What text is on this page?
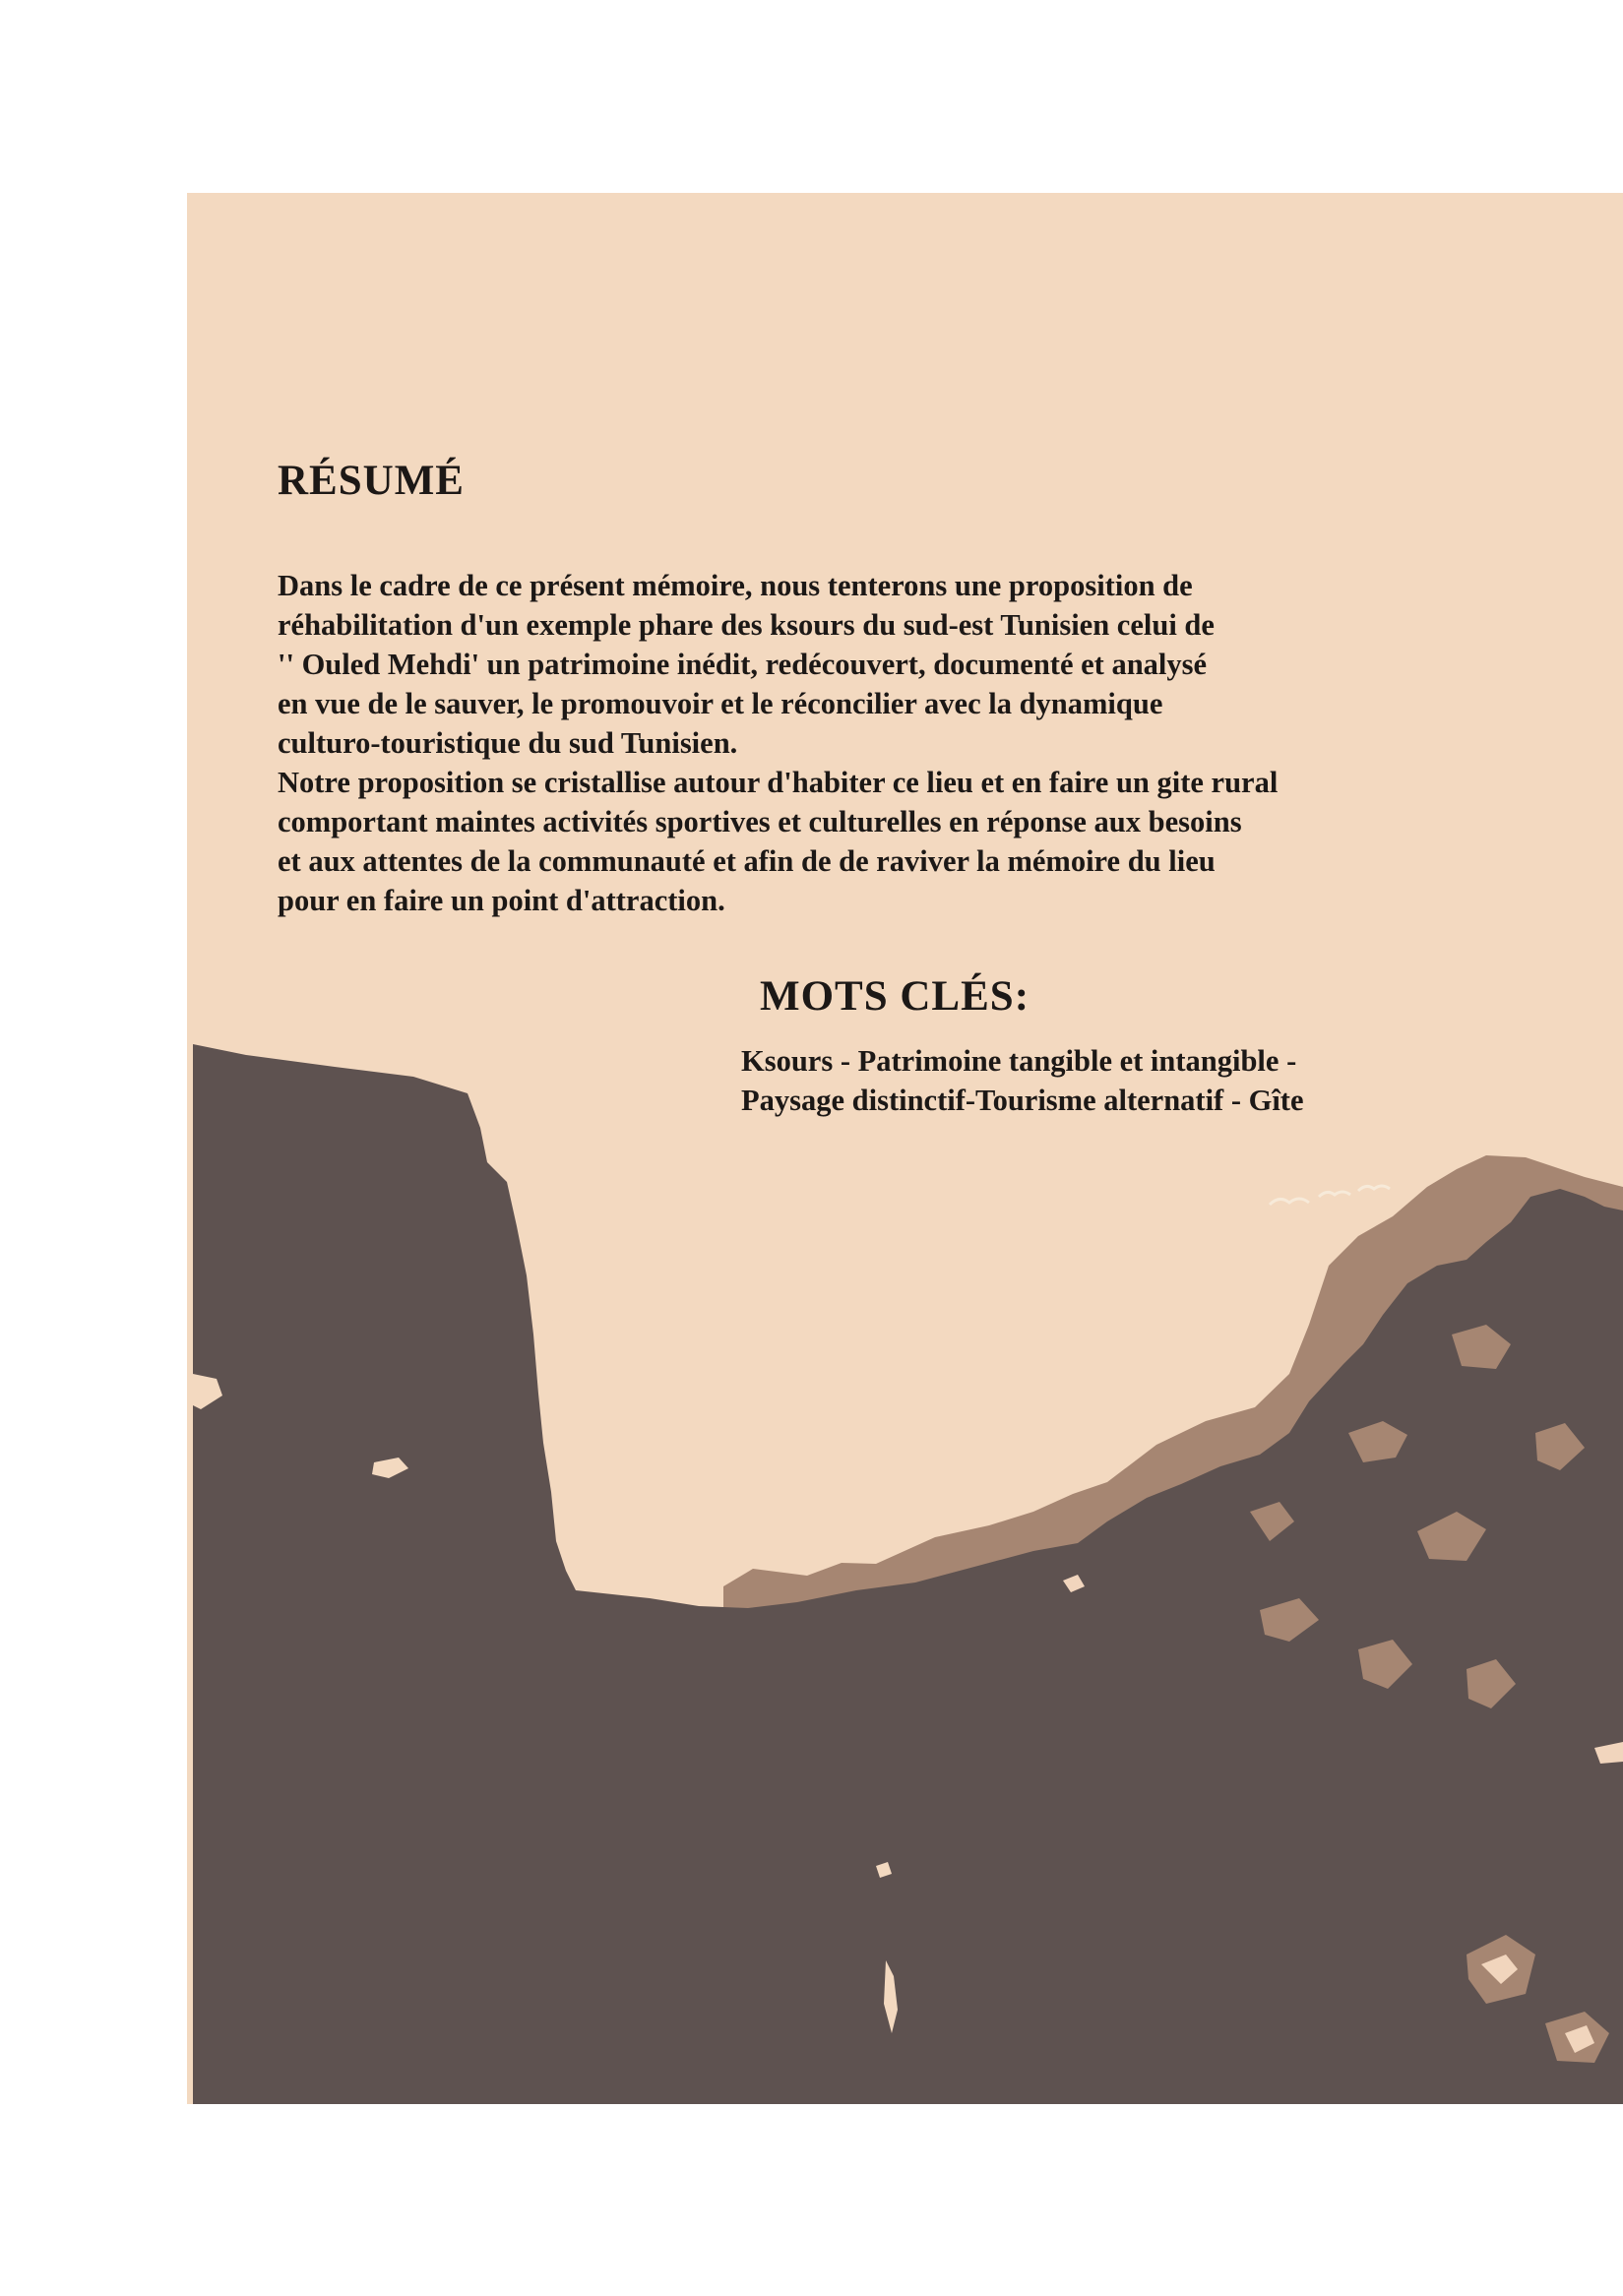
RÉSUMÉ
Dans le cadre de ce présent mémoire, nous tenterons une proposition de
réhabilitation d'un exemple phare des ksours du sud-est Tunisien celui de
'' Ouled Mehdi' un patrimoine inédit, redécouvert, documenté et analysé
en vue de le sauver, le promouvoir et le réconcilier avec la dynamique
culturo-touristique du sud Tunisien.
Notre proposition se cristallise autour d'habiter ce lieu et en faire un gite rural
comportant maintes activités sportives et culturelles en réponse aux besoins
et aux attentes de la communauté et afin de de raviver la mémoire du lieu
pour en faire un point d'attraction.
MOTS CLÉS:
Ksours - Patrimoine tangible et intangible -
Paysage distinctif-Tourisme alternatif - Gîte
